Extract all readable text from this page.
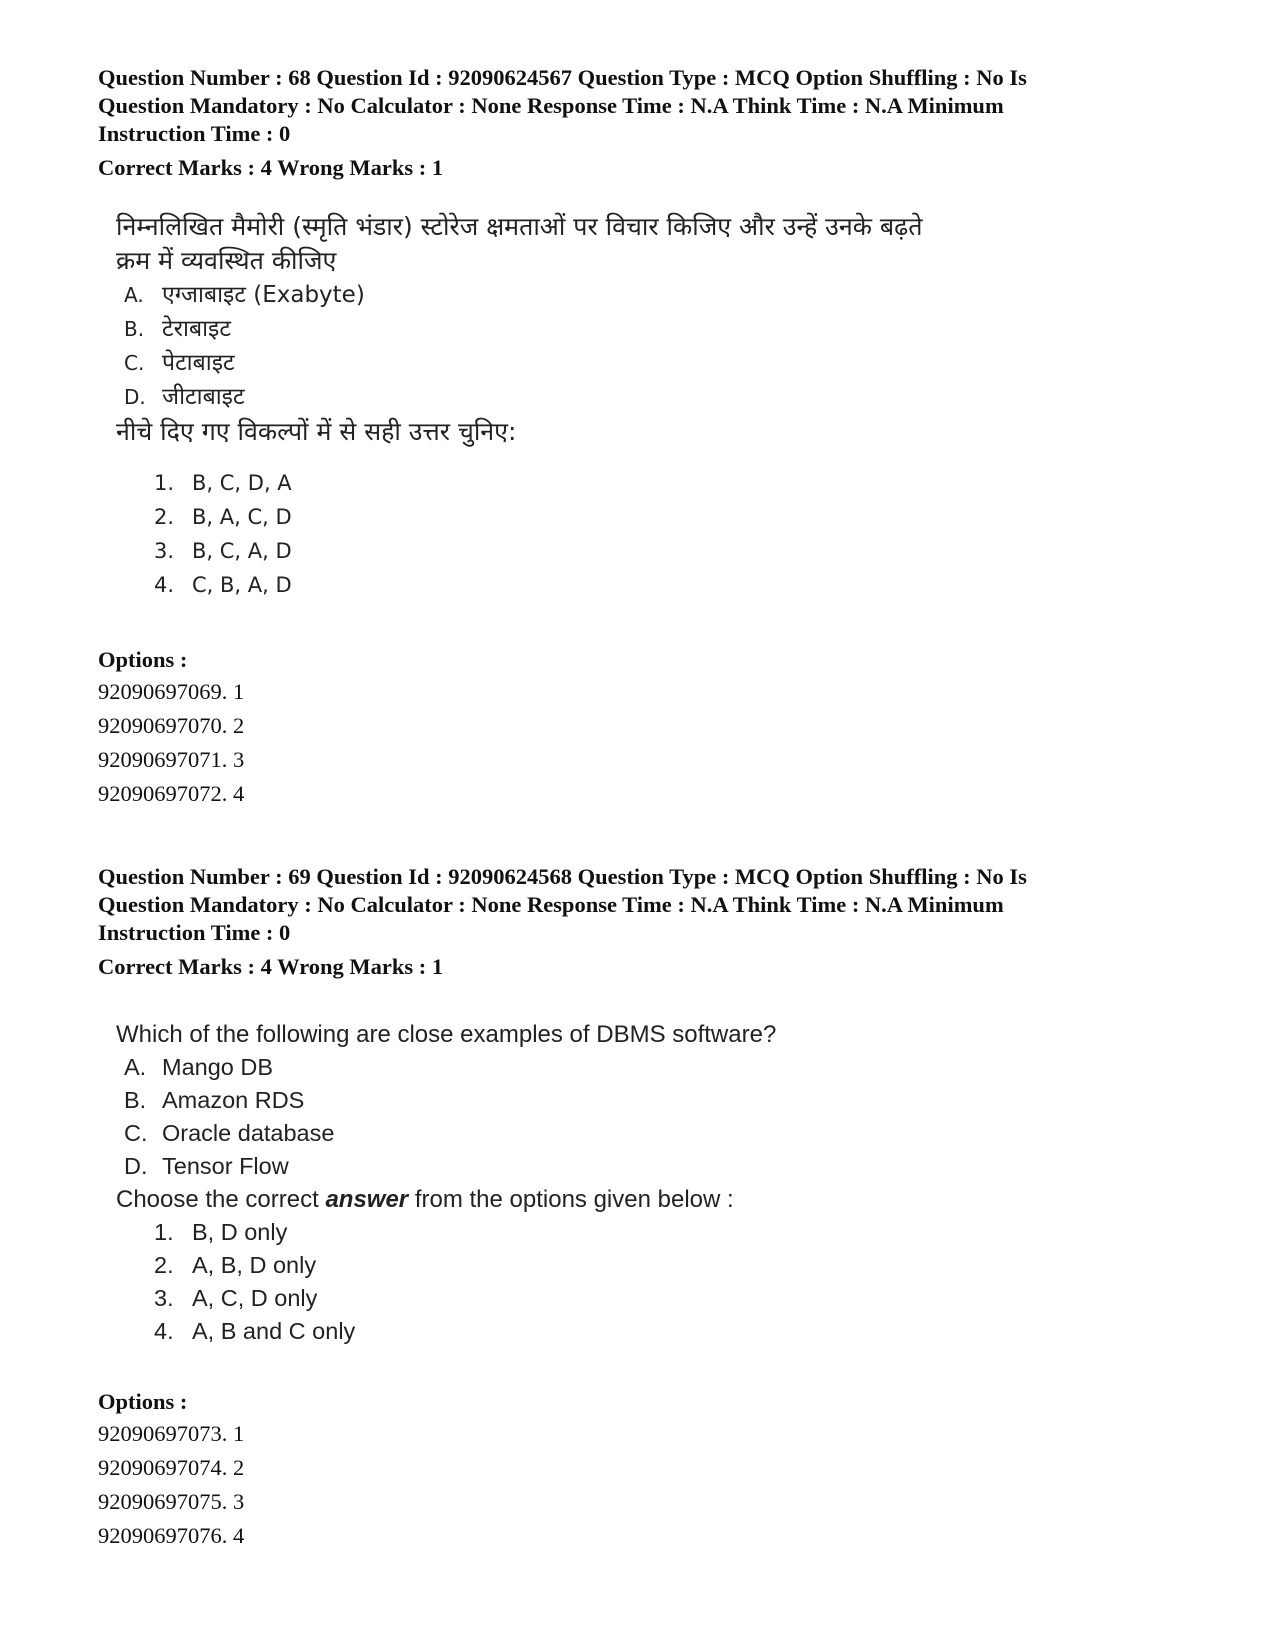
Question Number : 68 Question Id : 92090624567 Question Type : MCQ Option Shuffling : No Is

Question Mandatory : No Calculator : None Response Time : N.A Think Time : N.A Minimum

Instruction Time : 0

Correct Marks : 4 Wrong Marks : 1

निम्नलिखित मैमोरी (स्मृति भंडार) स्टोरेज क्षमताओं पर विचार किजिए और उन्हें उनके बढ़ते

क्रम में व्यवस्थित कीजिए

A. एग्जाबाइट (Exabyte)
B. टेराबाइट
C. पेटाबाइट
D. जीटाबाइट

नीचे दिए गए विकल्पों में से सही उत्तर चुनिए:

1. B, C, D, A
2. B, A, C, D
3. B, C, A, D
4. C, B, A, D
Options :
92090697069. 1
92090697070. 2
92090697071. 3
92090697072. 4

Question Number : 69 Question Id : 92090624568 Question Type : MCQ Option Shuffling : No Is

Question Mandatory : No Calculator : None Response Time : N.A Think Time : N.A Minimum

Instruction Time : 0

Correct Marks : 4 Wrong Marks : 1

Which of the following are close examples of DBMS software?

A. Mango DB
B. Amazon RDS
C. Oracle database
D. Tensor Flow

Choose the correct answer from the options given below :

1. B, D only
2. A, B, D only
3. A, C, D only
4. A, B and C only
Options :
92090697073. 1
92090697074. 2
92090697075. 3
92090697076. 4
